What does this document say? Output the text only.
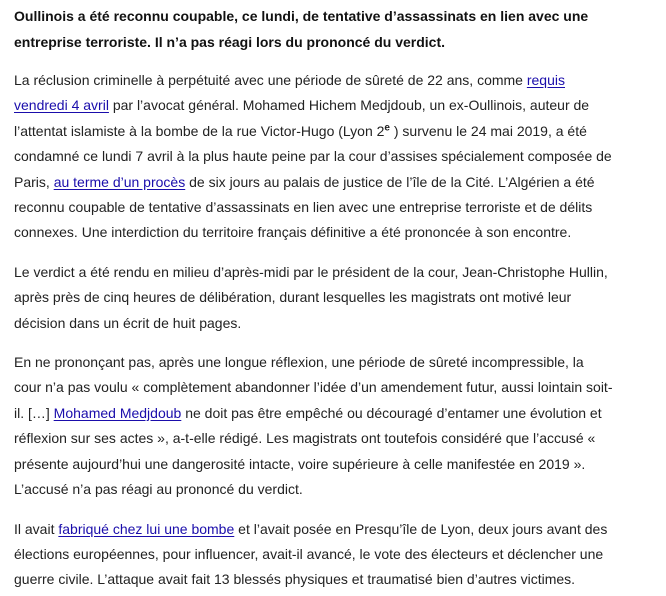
Oullinois a été reconnu coupable, ce lundi, de tentative d’assassinats en lien avec une entreprise terroriste. Il n’a pas réagi lors du prononcé du verdict.

La réclusion criminelle à perpétuité avec une période de sûreté de 22 ans, comme requis vendredi 4 avril par l’avocat général. Mohamed Hichem Medjdoub, un ex-Oullinois, auteur de l’attentat islamiste à la bombe de la rue Victor-Hugo (Lyon 2e ) survenu le 24 mai 2019, a été condamné ce lundi 7 avril à la plus haute peine par la cour d’assises spécialement composée de Paris, au terme d’un procès de six jours au palais de justice de l’île de la Cité. L’Algérien a été reconnu coupable de tentative d’assassinats en lien avec une entreprise terroriste et de délits connexes. Une interdiction du territoire français définitive a été prononcée à son encontre.

Le verdict a été rendu en milieu d’après-midi par le président de la cour, Jean-Christophe Hullin, après près de cinq heures de délibération, durant lesquelles les magistrats ont motivé leur décision dans un écrit de huit pages.

En ne prononçant pas, après une longue réflexion, une période de sûreté incompressible, la cour n’a pas voulu « complètement abandonner l’idée d’un amendement futur, aussi lointain soit-il. […] Mohamed Medjdoub ne doit pas être empêché ou découragé d’entamer une évolution et réflexion sur ses actes », a-t-elle rédigé. Les magistrats ont toutefois considéré que l’accusé « présente aujourd’hui une dangerosité intacte, voire supérieure à celle manifestée en 2019 ». L’accusé n’a pas réagi au prononcé du verdict.

Il avait fabriqué chez lui une bombe et l’avait posée en Presqu’île de Lyon, deux jours avant des élections européennes, pour influencer, avait-il avancé, le vote des électeurs et déclencher une guerre civile. L’attaque avait fait 13 blessés physiques et traumatisé bien d’autres victimes.
